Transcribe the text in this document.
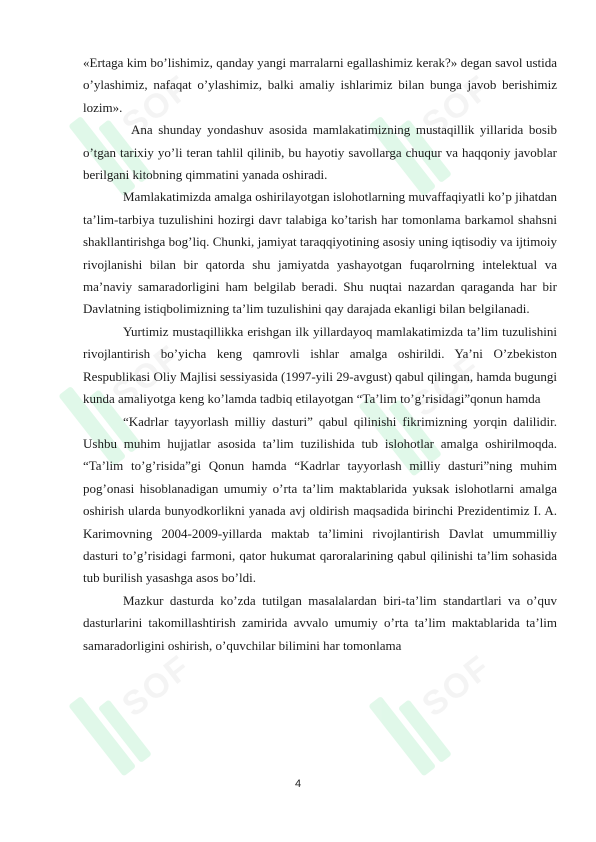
SOF	SOF
SOF	SOF
SOF	SOF

«Ertaga kim bo’lishimiz, qanday yangi marralarni egallashimiz kerak?» degan savol ustida o’ylashimiz, nafaqat o’ylashimiz, balki amaliy ishlarimiz bilan bunga javob berishimiz lozim».

Ana shunday yondashuv asosida mamlakatimizning mustaqillik yillarida bosib o’tgan tarixiy yo’li teran tahlil qilinib, bu hayotiy savollarga chuqur va haqqoniy javoblar berilgani kitobning qimmatini yanada oshiradi.

Mamlakatimizda amalga oshirilayotgan islohotlarning muvaffaqiyatli ko’p jihatdan ta’lim-tarbiya tuzulishini hozirgi davr talabiga ko’tarish har tomonlama barkamol shahsni shakllantirishga bog’liq. Chunki, jamiyat taraqqiyotining asosiy uning iqtisodiy va ijtimoiy rivojlanishi bilan bir qatorda shu jamiyatda yashayotgan fuqarolrning intelektual va ma’naviy samaradorligini ham belgilab beradi. Shu nuqtai nazardan qaraganda har bir Davlatning istiqbolimizning ta’lim tuzulishini qay darajada ekanligi bilan belgilanadi.

Yurtimiz mustaqillikka erishgan ilk yillardayoq mamlakatimizda ta’lim tuzulishini rivojlantirish bo’yicha keng qamrovli ishlar amalga oshirildi. Ya’ni O’zbekiston Respublikasi Oliy Majlisi sessiyasida (1997-yili 29-avgust) qabul qilingan, hamda bugungi kunda amaliyotga keng ko’lamda tadbiq etilayotgan “Ta’lim to’g’risidagi”qonun hamda

“Kadrlar tayyorlash milliy dasturi” qabul qilinishi fikrimizning yorqin dalilidir. Ushbu muhim hujjatlar asosida ta’lim tuzilishida tub islohotlar amalga oshirilmoqda. “Ta’lim to’g’risida”gi Qonun hamda “Kadrlar tayyorlash milliy dasturi”ning muhim pog’onasi hisoblanadigan umumiy o’rta ta’lim maktablarida yuksak islohotlarni amalga oshirish ularda bunyodkorlikni yanada avj oldirish maqsadida birinchi Prezidentimiz I. A. Karimovning 2004-2009-yillarda maktab ta’limini rivojlantirish Davlat umummilliy dasturi to’g’risidagi farmoni, qator hukumat qaroralarining qabul qilinishi ta’lim sohasida tub burilish yasashga asos bo’ldi.

Mazkur dasturda ko’zda tutilgan masalalardan biri-ta’lim standartlari va o’quv dasturlarini takomillashtirish zamirida avvalo umumiy o’rta ta’lim maktablarida ta’lim samaradorligini oshirish, o’quvchilar bilimini har tomonlama

4
